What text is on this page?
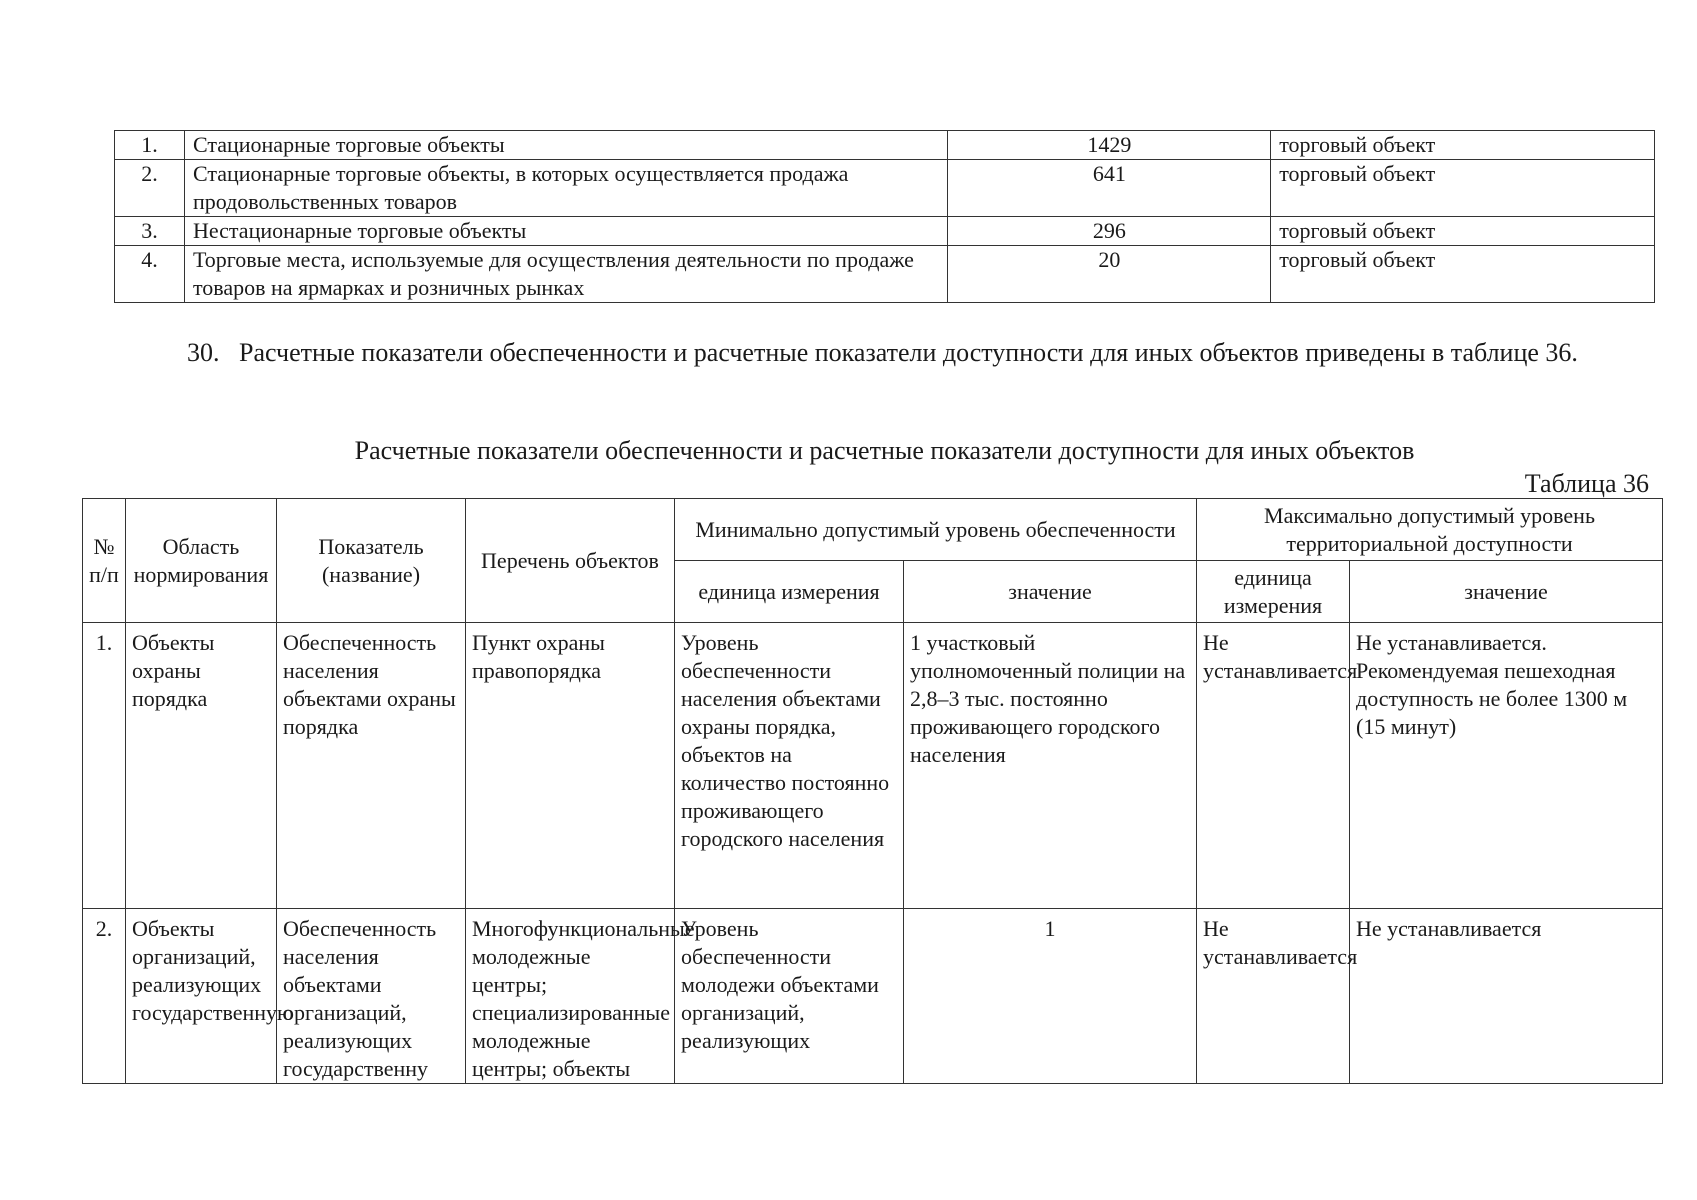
1.	Стационарные торговые объекты	1429	торговый объект
2.	Стационарные торговые объекты, в которых осуществляется продажа продовольственных товаров	641	торговый объект
3.	Нестационарные торговые объекты	296	торговый объект
4.	Торговые места, используемые для осуществления деятельности по продаже товаров на ярмарках и розничных рынках	20	торговый объект

30.   Расчетные показатели обеспеченности и расчетные показатели доступности для иных объектов приведены в таблице 36.

Расчетные показатели обеспеченности и расчетные показатели доступности для иных объектов
Таблица 36
№ п/п	Область нормирования	Показатель (название)	Перечень объектов	Минимально допустимый уровень обеспеченности		Максимально допустимый уровень территориальной доступности	
				единица измерения	значение	единица измерения	значение
1.	Объекты охраны порядка	Обеспеченность населения объектами охраны порядка	Пункт охраны правопорядка	Уровень обеспеченности населения объектами охраны порядка, объектов на количество постоянно проживающего городского населения	1 участковый уполномоченный полиции на 2,8–3 тыс. постоянно проживающего городского населения	Не устанавливается	Не устанавливается. Рекомендуемая пешеходная доступность не более 1300 м (15 минут)
2.	Объекты организаций, реализующих государственную	Обеспеченность населения объектами организаций, реализующих государственну	Многофункциональные молодежные центры; специализированные молодежные центры; объекты	Уровень обеспеченности молодежи объектами организаций, реализующих	1	Не устанавливается	Не устанавливается
